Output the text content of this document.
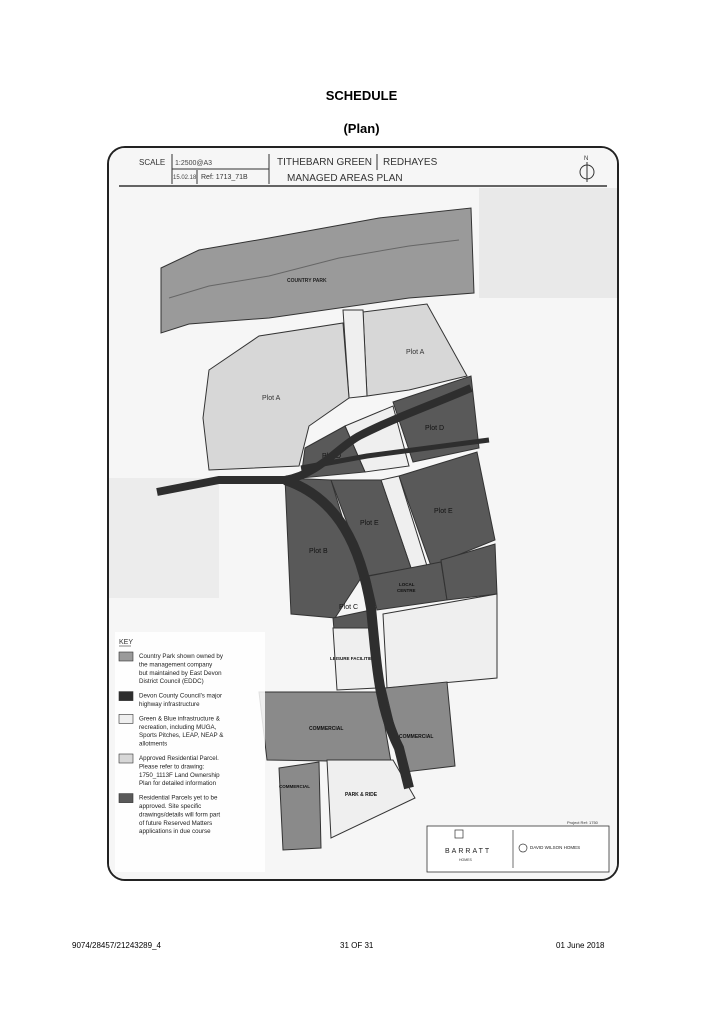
SCHEDULE
(Plan)
SCALE 1:2500@A3
15.02.18 Ref: 1713_71B
TITHEBARN GREEN REDHAYES
MANAGED AREAS PLAN
N
COUNTRY PARK
Plot A
Plot A
Plot D
Plot D
Plot E
Plot E
Plot B
LOCAL
CENTRE
Plot C
LEISURE FACILITIES
COMMERCIAL
COMMERCIAL
COMMERCIAL
PARK & RIDE
KEY
Country Park shown owned by
the management company
but maintained by East Devon
District Council (EDDC)
Devon County Council's major
highway infrastructure
Green & Blue infrastructure &
recreation, including MUGA,
Sports Pitches, LEAP, NEAP &
allotments
Approved Residential Parcel.
Please refer to drawing:
1750_1113F Land Ownership
Plan for detailed information
Residential Parcels yet to be
approved. Site specific
drawings/details will form part
of future Reserved Matters
applications in due course
Project Ref: 1750
BARRATT
HOMES
DAVID WILSON HOMES
9074/28457/21243289_4	31 OF 31	01 June 2018
